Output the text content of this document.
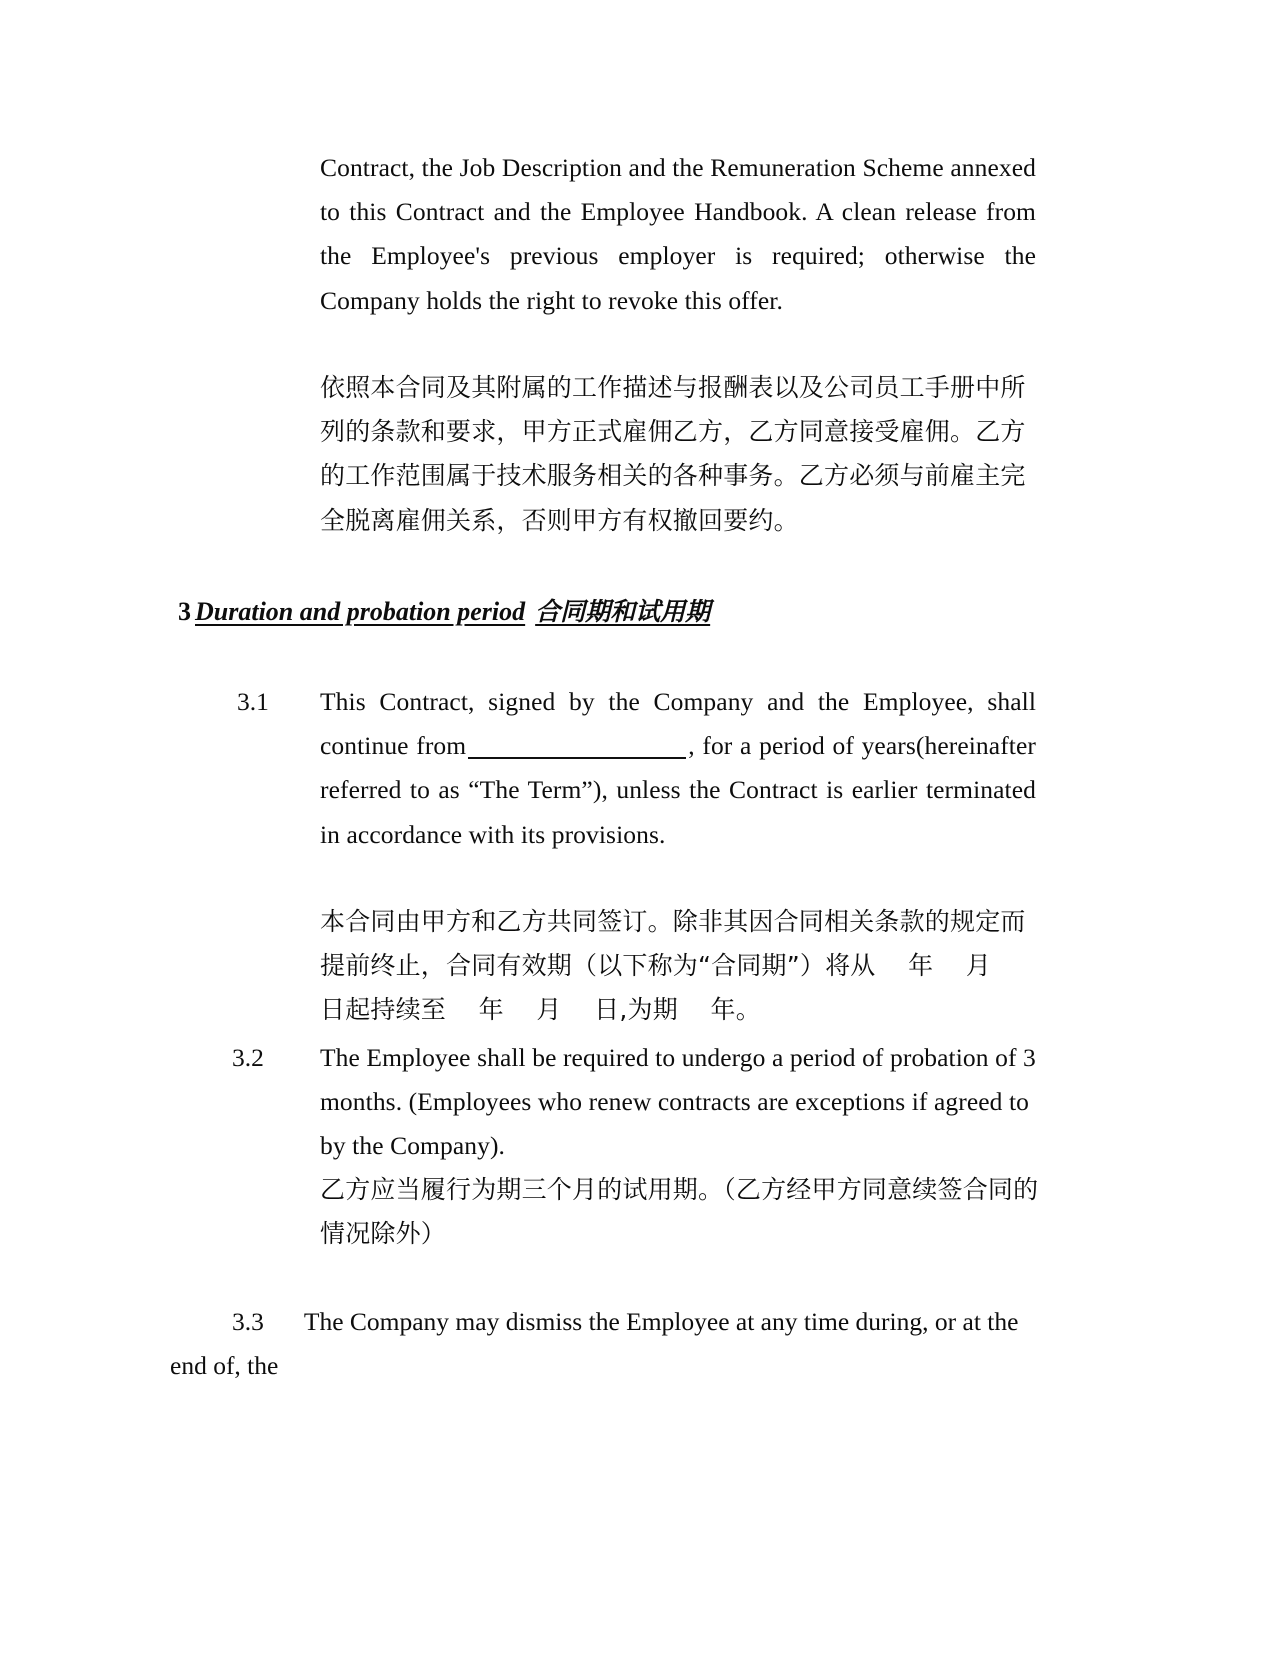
Contract, the Job Description and the Remuneration Scheme annexed to this Contract and the Employee Handbook. A clean release from the Employee's previous employer is required; otherwise the Company holds the right to revoke this offer.
依照本合同及其附属的工作描述与报酬表以及公司员工手册中所列的条款和要求，甲方正式雇佣乙方，乙方同意接受雇佣。乙方的工作范围属于技术服务相关的各种事务。乙方必须与前雇主完全脱离雇佣关系，否则甲方有权撤回要约。
3 Duration and probation period 合同期和试用期
3.1 This Contract, signed by the Company and the Employee, shall continue from	, for a period of years(hereinafter referred to as “The Term”), unless the Contract is earlier terminated in accordance with its provisions.
本合同由甲方和乙方共同签订。除非其因合同相关条款的规定而提前终止，合同有效期（以下称为“合同期”）将从    年    月    日起持续至    年    月    日,为期    年。
3.2 The Employee shall be required to undergo a period of probation of 3 months. (Employees who renew contracts are exceptions if agreed to by the Company).
乙方应当履行为期三个月的试用期。（乙方经甲方同意续签合同的情况除外）
3.3 The Company may dismiss the Employee at any time during, or at the end of, the
